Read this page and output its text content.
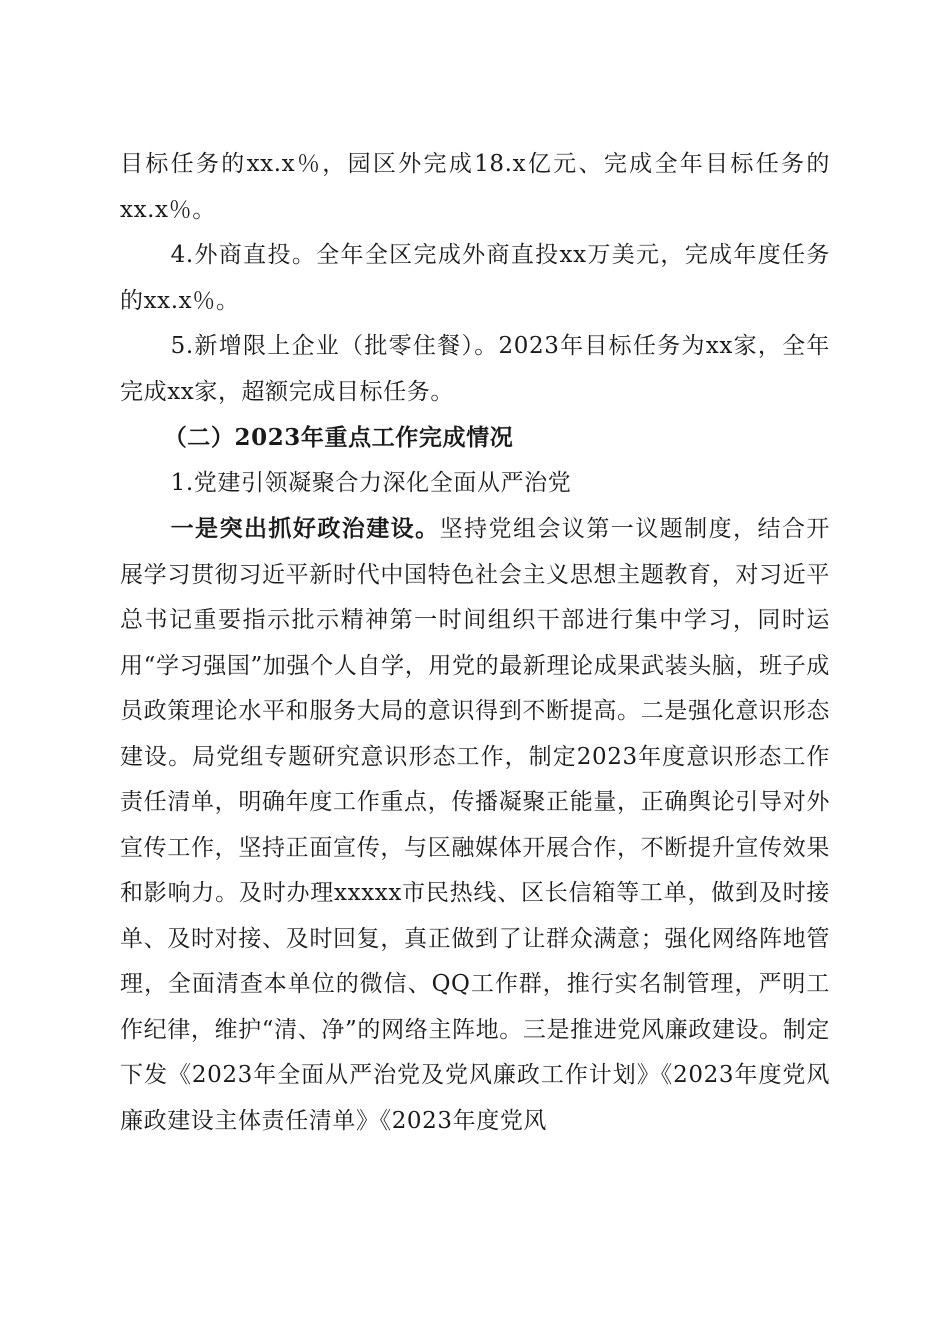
目标任务的xx.x％，园区外完成18.x亿元、完成全年目标任务的xx.x％。

4.外商直投。全年全区完成外商直投xx万美元，完成年度任务的xx.x％。

5.新增限上企业（批零住餐）。2023年目标任务为xx家，全年完成xx家，超额完成目标任务。

（二）2023年重点工作完成情况

1.党建引领凝聚合力深化全面从严治党

一是突出抓好政治建设。坚持党组会议第一议题制度，结合开展学习贯彻习近平新时代中国特色社会主义思想主题教育，对习近平总书记重要指示批示精神第一时间组织干部进行集中学习，同时运用“学习强国”加强个人自学，用党的最新理论成果武装头脑，班子成员政策理论水平和服务大局的意识得到不断提高。二是强化意识形态建设。局党组专题研究意识形态工作，制定2023年度意识形态工作责任清单，明确年度工作重点，传播凝聚正能量，正确舆论引导对外宣传工作，坚持正面宣传，与区融媒体开展合作，不断提升宣传效果和影响力。及时办理xxxxx市民热线、区长信箱等工单，做到及时接单、及时对接、及时回复，真正做到了让群众满意；强化网络阵地管理，全面清查本单位的微信、QQ工作群，推行实名制管理，严明工作纪律，维护“清、净”的网络主阵地。三是推进党风廉政建设。制定下发《2023年全面从严治党及党风廉政工作计划》《2023年度党风廉政建设主体责任清单》《2023年度党风
